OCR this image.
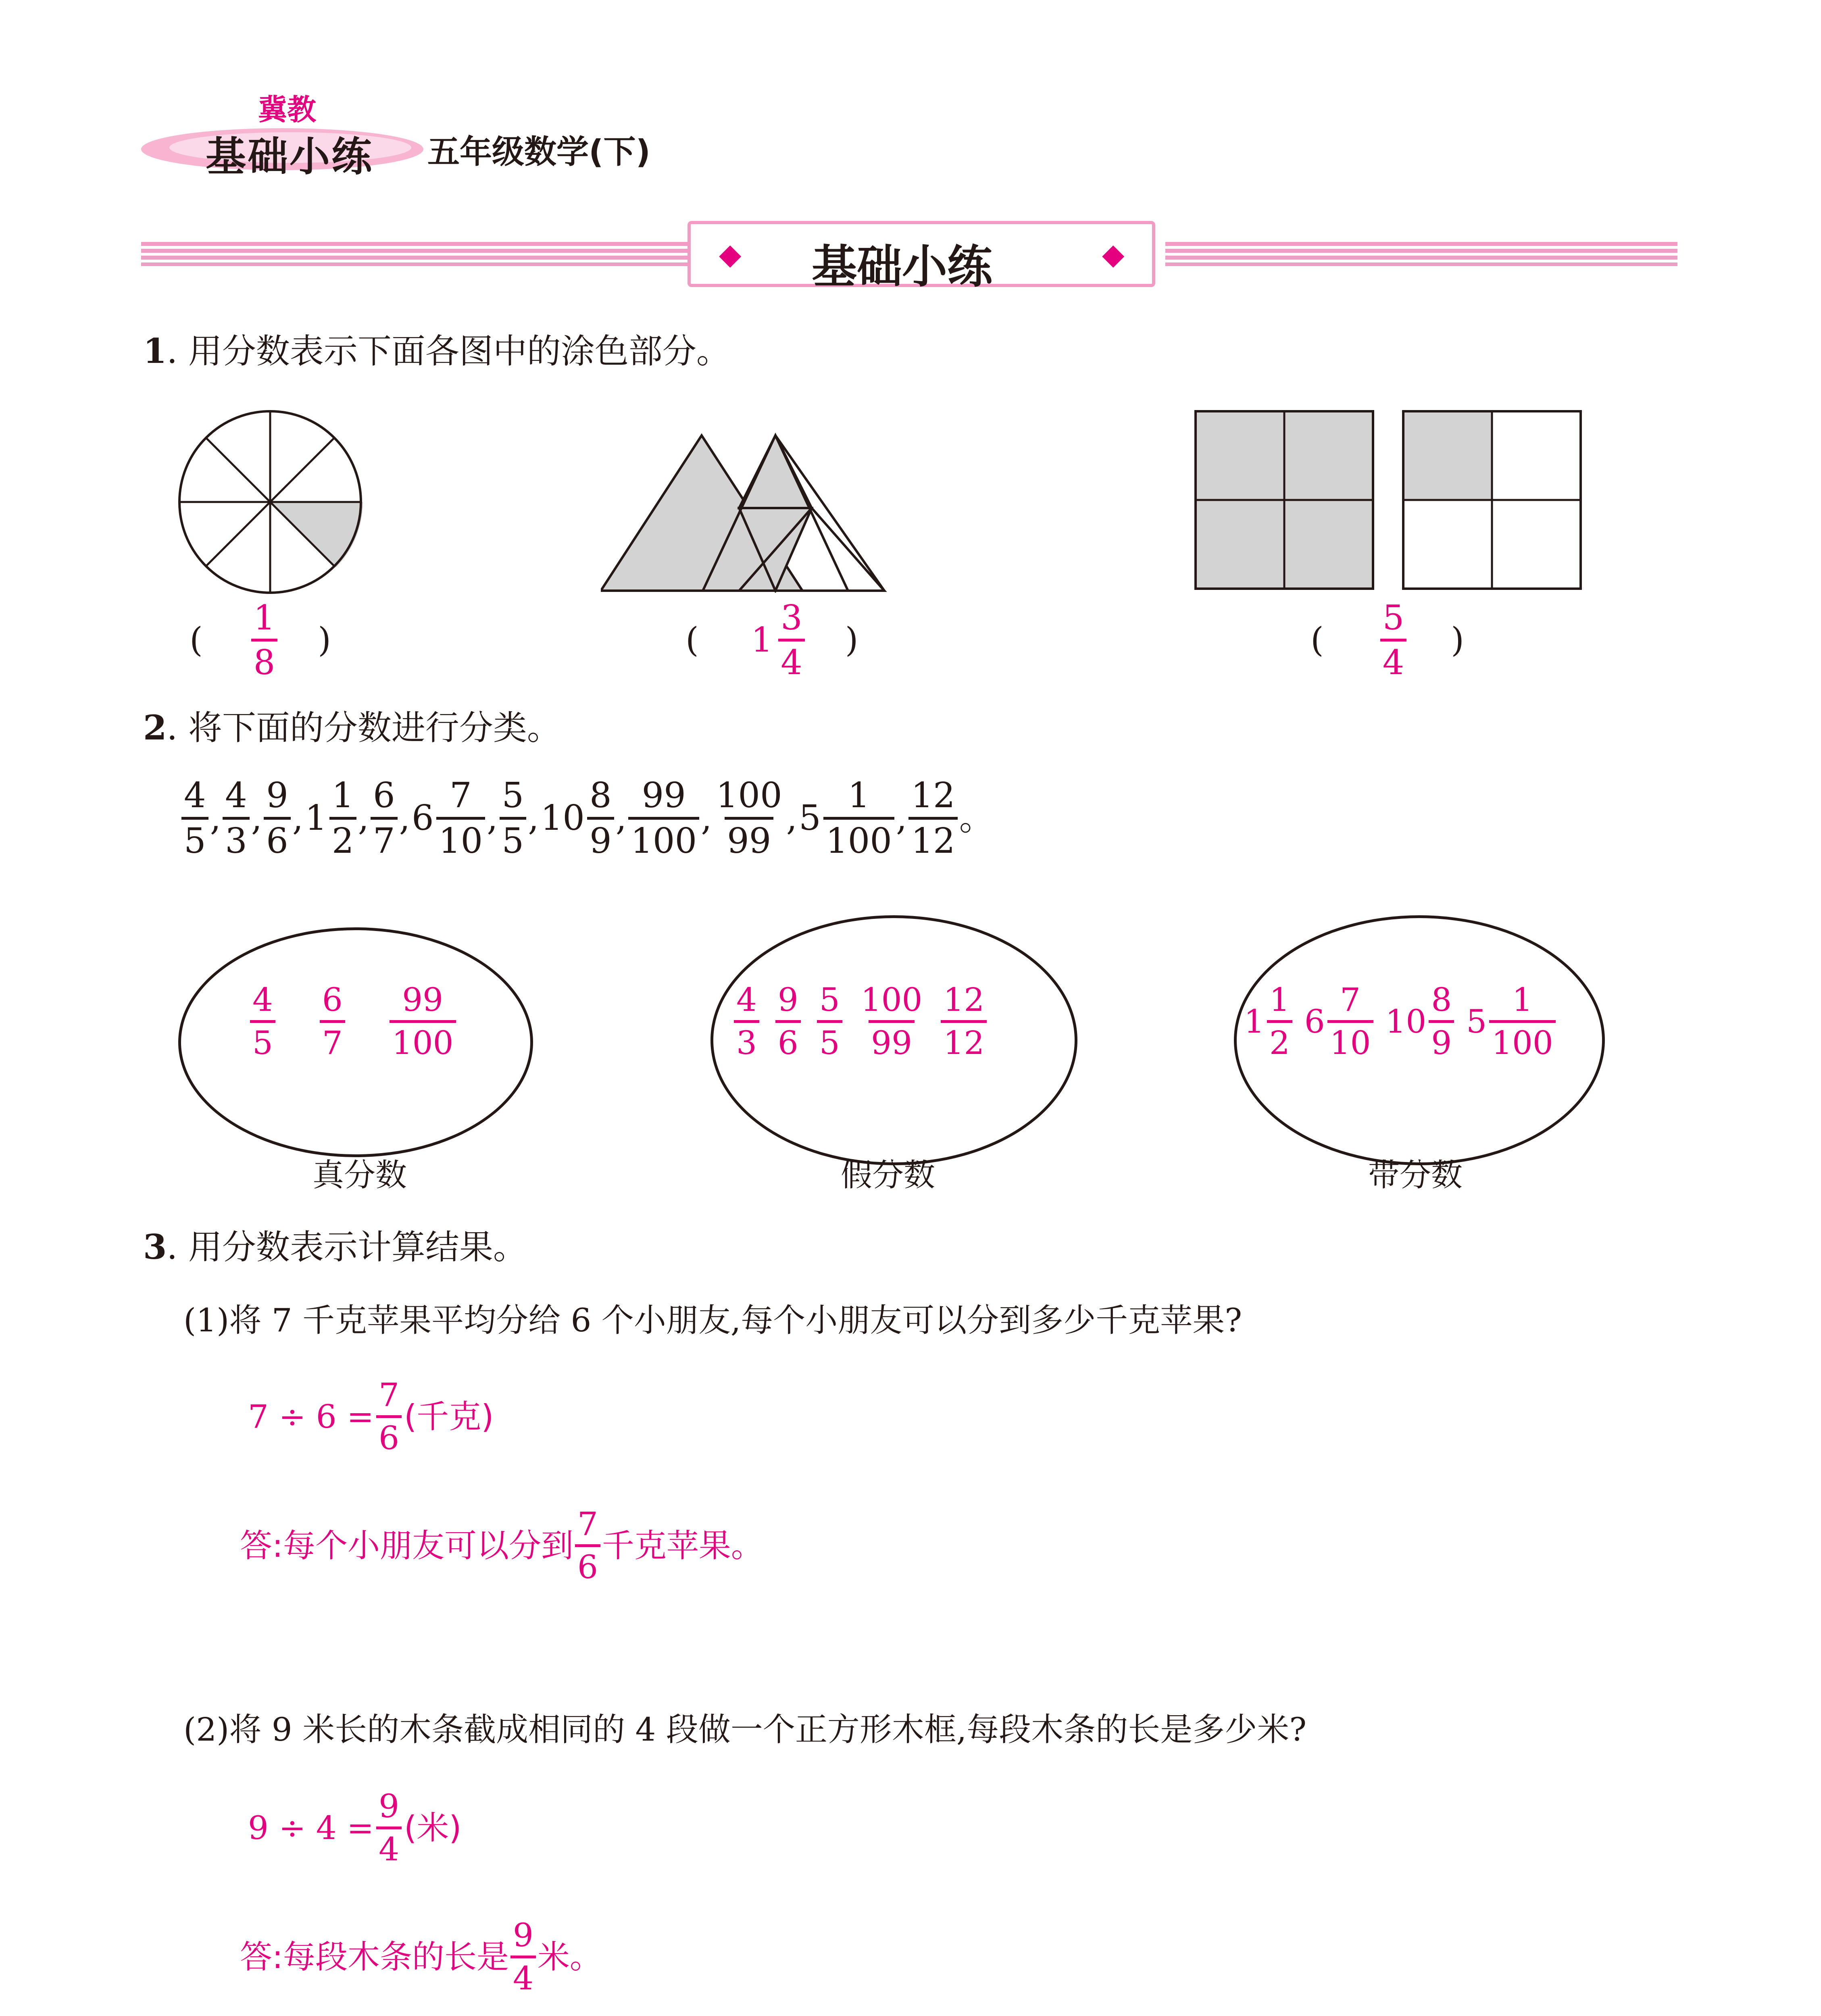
冀教
基础小练 五年级数学(下)
◆ 基础小练	◆
1. 用分数表示下面各图中的涂色部分。
( $\frac{1}{8}$ )	( $1 \frac{3}{4}$ )	( $\frac{5}{4}$ )
2. 将下面的分数进行分类。
$\frac{4}{5}$ , $\frac{4}{3}$ , $\frac{9}{6}$ , $1 \frac{1}{2}$ , $\frac{6}{7}$ , $6 \frac{7}{10}$ , $\frac{5}{5}$ , $10 \frac{8}{9}$ , $\frac{99}{100}$ , $\frac{100}{99}$ , $5 \frac{1}{100}$ , $\frac{12}{12}$ 。
$\frac{4}{5} \frac{6}{7} \frac{99}{100}$	$\frac{4}{3} \frac{9}{6} \frac{5}{5} \frac{100}{99} \frac{12}{12}$	$1 \frac{1}{2} 6 \frac{7}{10} 10 \frac{8}{9} 5 \frac{1}{100}$
真分数	假分数	带分数
3. 用分数表示计算结果。
(1)将 7 千克苹果平均分给 6 个小朋友,每个小朋友可以分到多少千克苹果?
$7 \div 6 = \frac{7}{6}$ (千克)
答:每个小朋友可以分到 $\frac{7}{6}$ 千克苹果。
(2)将 9 米长的木条截成相同的 4 段做一个正方形木框,每段木条的长是多少米?
$9 \div 4 = \frac{9}{4}$ (米)
答:每段木条的长是 $\frac{9}{4}$ 米。
